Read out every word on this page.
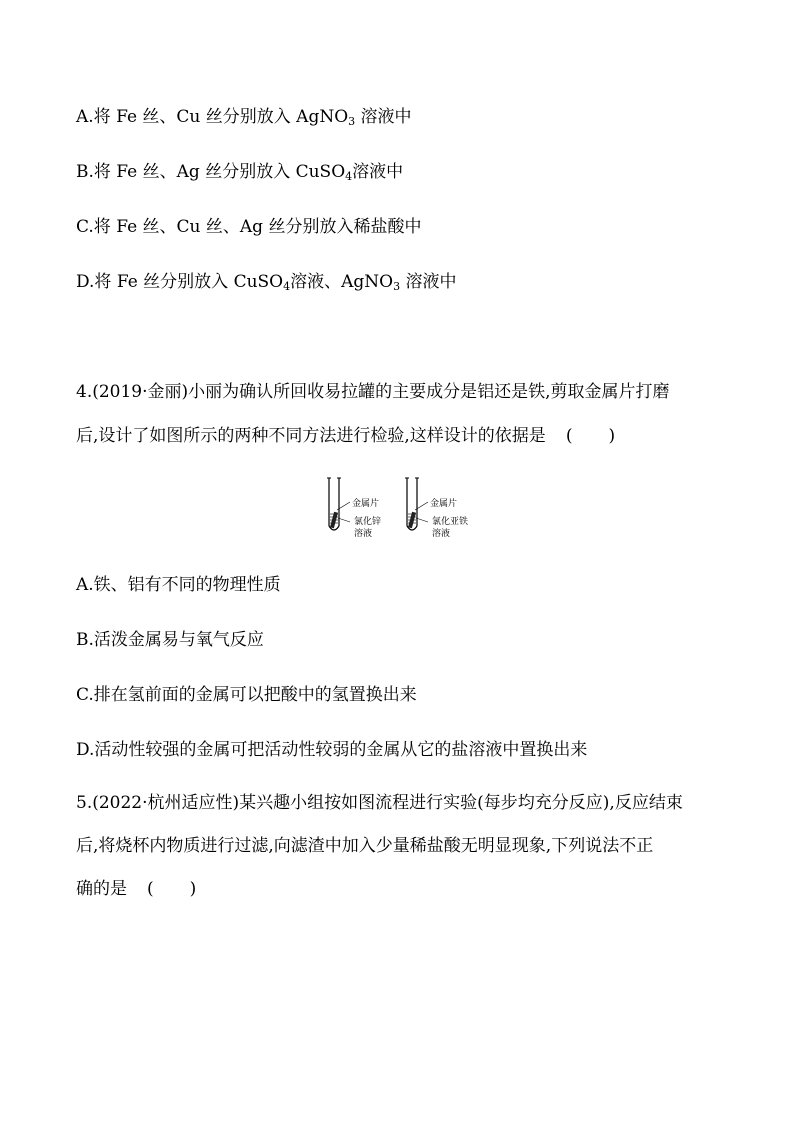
A.将 Fe 丝、Cu 丝分别放入 AgNO$_3$ 溶液中
B.将 Fe 丝、Ag 丝分别放入 CuSO$_4$溶液中
C.将 Fe 丝、Cu 丝、Ag 丝分别放入稀盐酸中
D.将 Fe 丝分别放入 CuSO$_4$溶液、AgNO$_3$ 溶液中
4.(2019·金丽)小丽为确认所回收易拉罐的主要成分是铝还是铁,剪取金属片打磨
后,设计了如图所示的两种不同方法进行检验,这样设计的依据是 ( )
金属片
氯化锌
溶液
金属片
氯化亚铁
溶液
A.铁、铝有不同的物理性质
B.活泼金属易与氧气反应
C.排在氢前面的金属可以把酸中的氢置换出来
D.活动性较强的金属可把活动性较弱的金属从它的盐溶液中置换出来
5.(2022·杭州适应性)某兴趣小组按如图流程进行实验(每步均充分反应),反应结束
后,将烧杯内物质进行过滤,向滤渣中加入少量稀盐酸无明显现象,下列说法不正
确的是 ( )
